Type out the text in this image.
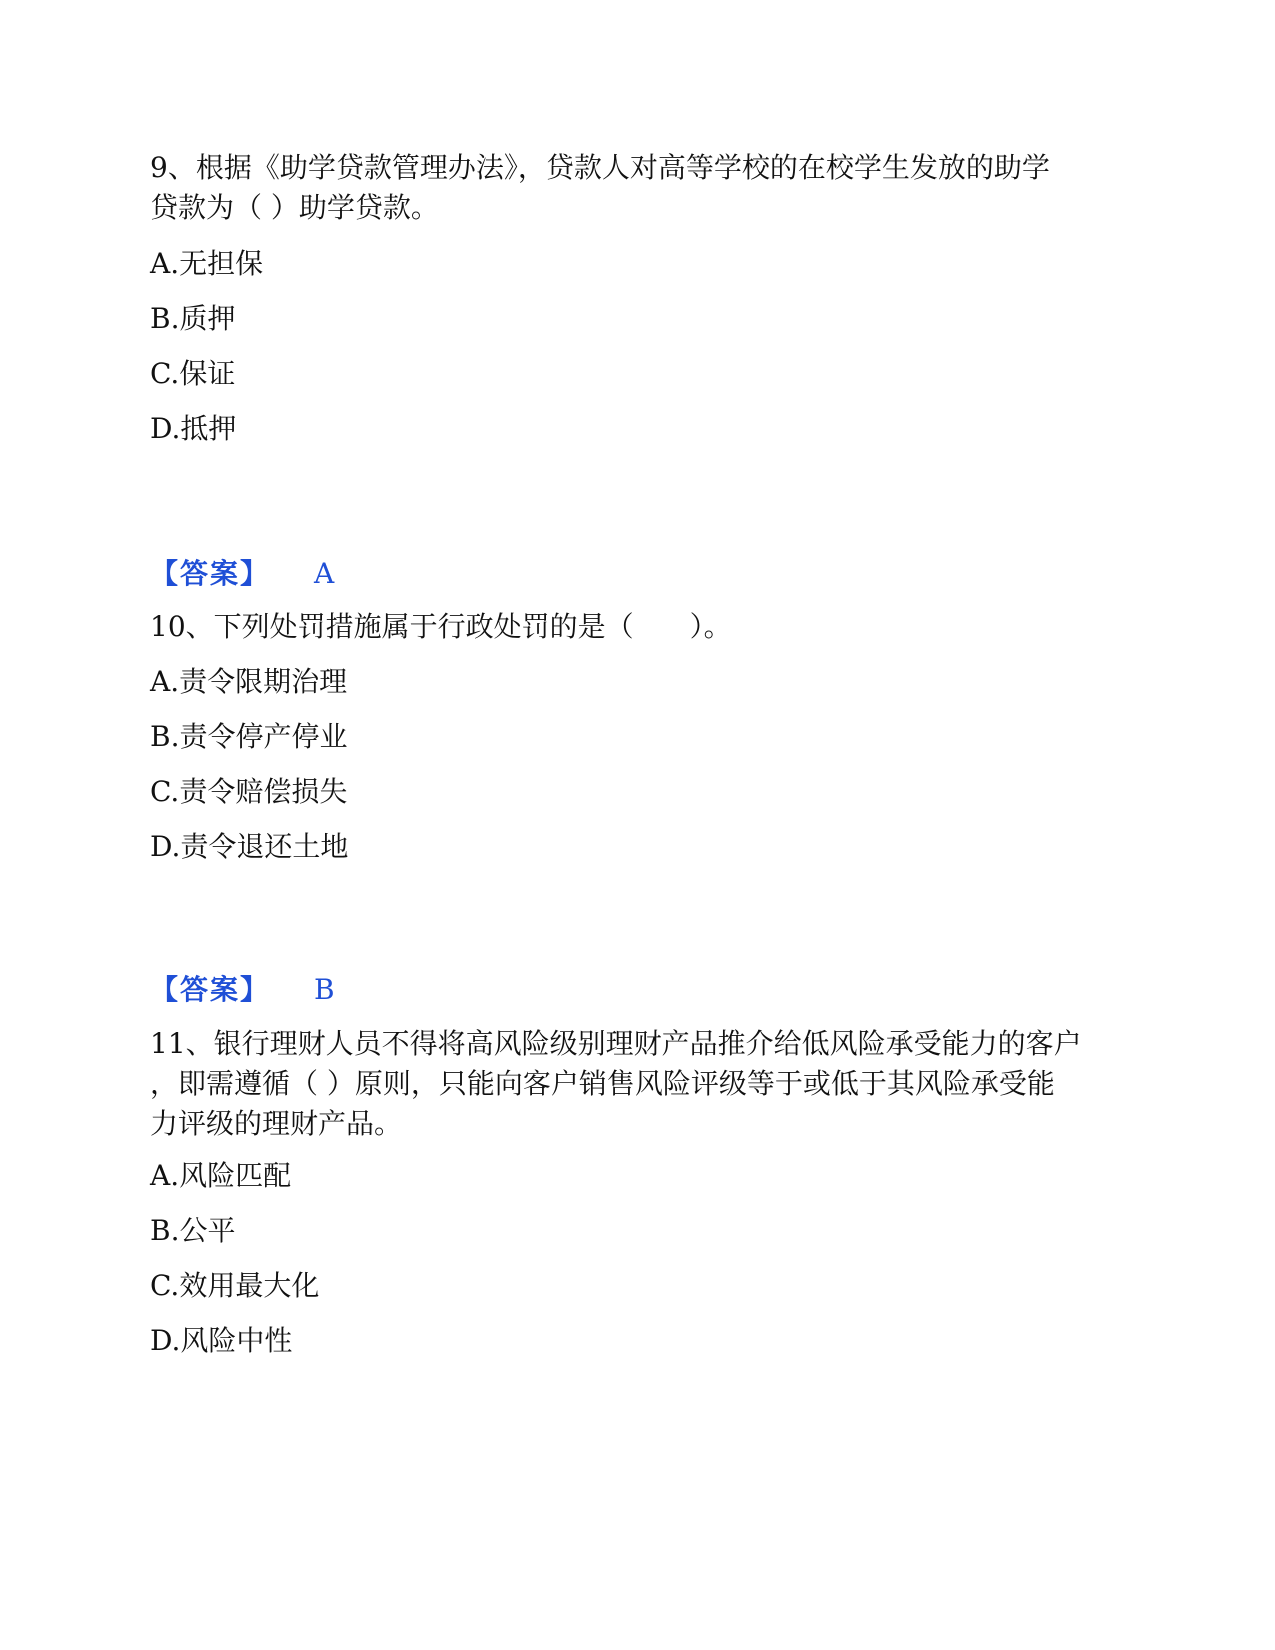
9、根据《助学贷款管理办法》，贷款人对高等学校的在校学生发放的助学
贷款为（ ）助学贷款。
A.无担保
B.质押
C.保证
D.抵押
【答案】 A
10、下列处罚措施属于行政处罚的是（　　）。
A.责令限期治理
B.责令停产停业
C.责令赔偿损失
D.责令退还土地
【答案】 B
11、银行理财人员不得将高风险级别理财产品推介给低风险承受能力的客户
，即需遵循（ ）原则，只能向客户销售风险评级等于或低于其风险承受能
力评级的理财产品。
A.风险匹配
B.公平
C.效用最大化
D.风险中性
